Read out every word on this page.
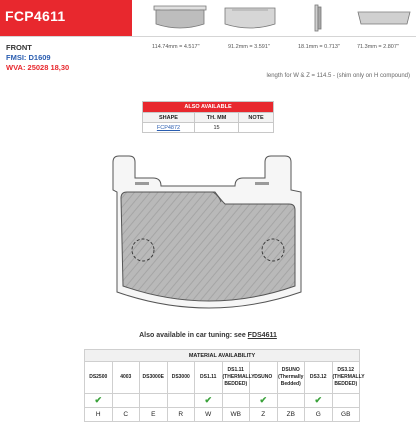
FCP4611
FRONT
FMSI: D1609
WVA: 25028 18,30
114.74mm = 4.517"	91.2mm = 3.591"	18.1mm = 0.713"	71.3mm = 2.807"
length for W & Z = 114.5 - (shim only on H compound)
ALSO AVAILABLE		
SHAPE	TH. MM	NOTE
FCP4872	15	
Also available in car tuning: see FDS4611
MATERIAL AVAILABILITY									
DS2500	4003	DS3000E	DS3000	DS1.11	DS1.11 (THERMALLY BEDDED)	DSUNO	DSUNO (Thermally Bedded)	DS3.12	DS3.12 (THERMALLY BEDDED)
✔				✔		✔		✔	
H	C	E	R	W	WB	Z	ZB	G	GB
